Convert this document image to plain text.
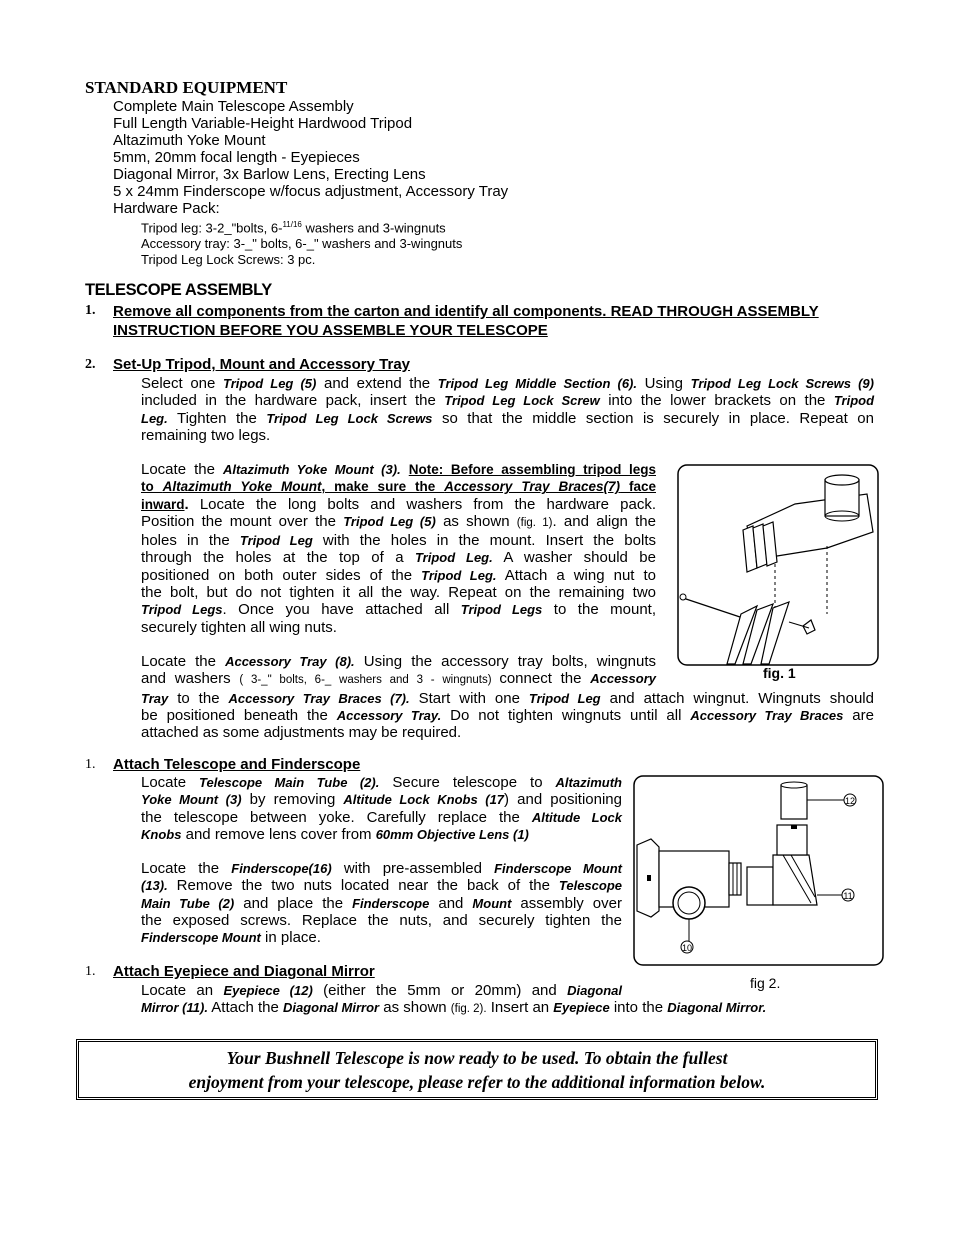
STANDARD EQUIPMENT
Complete Main Telescope Assembly
Full Length Variable-Height Hardwood Tripod
Altazimuth Yoke Mount
5mm, 20mm focal length - Eyepieces
Diagonal Mirror, 3x Barlow Lens, Erecting Lens
5 x 24mm Finderscope w/focus adjustment, Accessory Tray
Hardware Pack:
Tripod leg: 3-2_"bolts, 6-$^{11/16}$ washers and 3-wingnuts
Accessory tray: 3-_" bolts, 6-_" washers and 3-wingnuts
Tripod Leg Lock Screws: 3 pc.
TELESCOPE ASSEMBLY
1. Remove all components from the carton and identify all components. READ THROUGH ASSEMBLY
INSTRUCTION BEFORE YOU ASSEMBLE YOUR TELESCOPE
2. Set-Up Tripod, Mount and Accessory Tray
Select one Tripod Leg (5) and extend the Tripod Leg Middle Section (6). Using Tripod Leg Lock Screws (9)
included in the hardware pack, insert the Tripod Leg Lock Screw into the lower brackets on the Tripod
Leg. Tighten the Tripod Leg Lock Screws so that the middle section is securely in place. Repeat on
remaining two legs.
Locate the Altazimuth Yoke Mount (3). Note: Before assembling tripod legs
to Altazimuth Yoke Mount, make sure the Accessory Tray Braces(7) face
inward. Locate the long bolts and washers from the hardware pack.
Position the mount over the Tripod Leg (5) as shown (fig. 1). and align the
holes in the Tripod Leg with the holes in the mount. Insert the bolts
through the holes at the top of a Tripod Leg. A washer should be
positioned on both outer sides of the Tripod Leg. Attach a wing nut to
the bolt, but do not tighten it all the way. Repeat on the remaining two
Tripod Legs. Once you have attached all Tripod Legs to the mount,
securely tighten all wing nuts.
fig. 1
Locate the Accessory Tray (8). Using the accessory tray bolts, wingnuts
and washers ( 3-_" bolts, 6-_ washers and 3 - wingnuts) connect the Accessory
Tray to the Accessory Tray Braces (7). Start with one Tripod Leg and attach wingnut. Wingnuts should
be positioned beneath the Accessory Tray. Do not tighten wingnuts until all Accessory Tray Braces are
attached as some adjustments may be required.
1. Attach Telescope and Finderscope
Locate Telescope Main Tube (2). Secure telescope to Altazimuth
Yoke Mount (3) by removing Altitude Lock Knobs (17) and positioning
the telescope between yoke. Carefully replace the Altitude Lock
Knobs and remove lens cover from 60mm Objective Lens (1)
Locate the Finderscope(16) with pre-assembled Finderscope Mount
(13). Remove the two nuts located near the back of the Telescope
Main Tube (2) and place the Finderscope and Mount assembly over
the exposed screws. Replace the nuts, and securely tighten the
Finderscope Mount in place.
10
12
11
fig 2.
1. Attach Eyepiece and Diagonal Mirror
Locate an Eyepiece (12) (either the 5mm or 20mm) and Diagonal
Mirror (11). Attach the Diagonal Mirror as shown (fig. 2). Insert an Eyepiece into the Diagonal Mirror.
Your Bushnell Telescope is now ready to be used. To obtain the fullest
enjoyment from your telescope, please refer to the additional information below.
